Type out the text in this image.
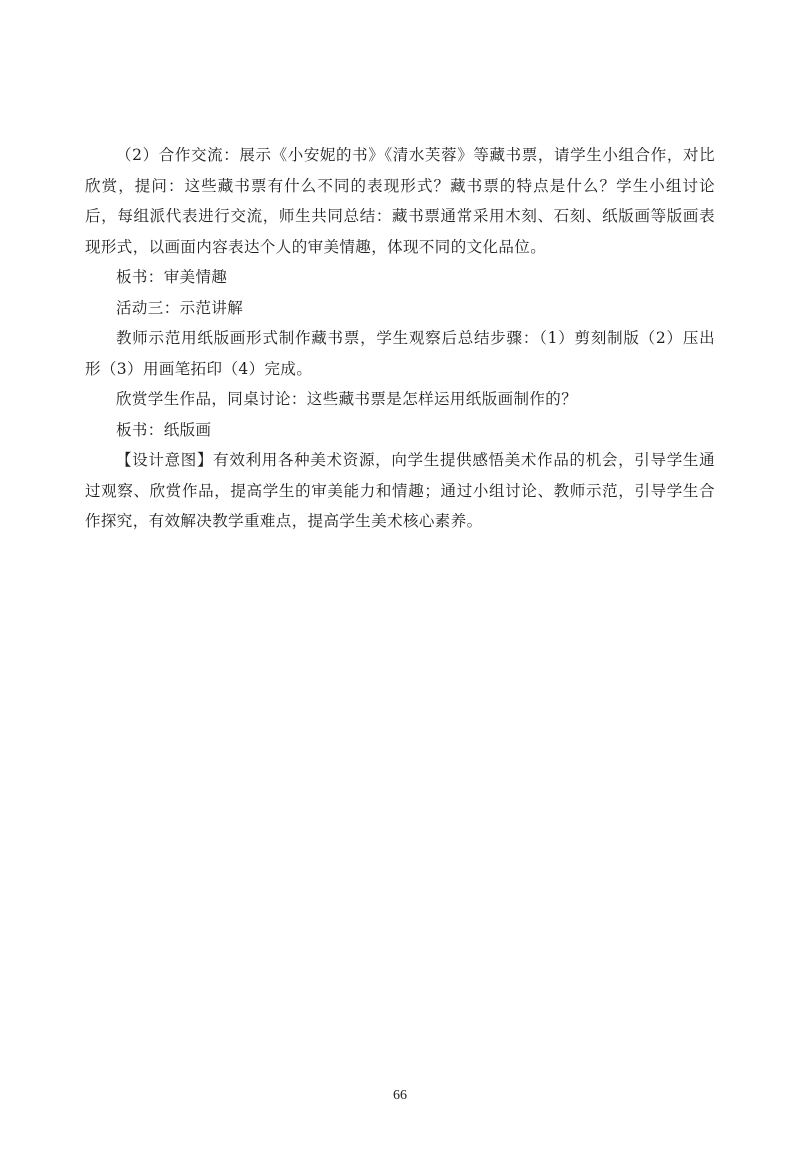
（2）合作交流：展示《小安妮的书》《清水芙蓉》等藏书票，请学生小组合作，对比欣赏，提问：这些藏书票有什么不同的表现形式？藏书票的特点是什么？学生小组讨论后，每组派代表进行交流，师生共同总结：藏书票通常采用木刻、石刻、纸版画等版画表现形式，以画面内容表达个人的审美情趣，体现不同的文化品位。

板书：审美情趣

活动三：示范讲解

教师示范用纸版画形式制作藏书票，学生观察后总结步骤：（1）剪刻制版（2）压出形（3）用画笔拓印（4）完成。

欣赏学生作品，同桌讨论：这些藏书票是怎样运用纸版画制作的？

板书：纸版画

【设计意图】有效利用各种美术资源，向学生提供感悟美术作品的机会，引导学生通过观察、欣赏作品，提高学生的审美能力和情趣；通过小组讨论、教师示范，引导学生合作探究，有效解决教学重难点，提高学生美术核心素养。

66
